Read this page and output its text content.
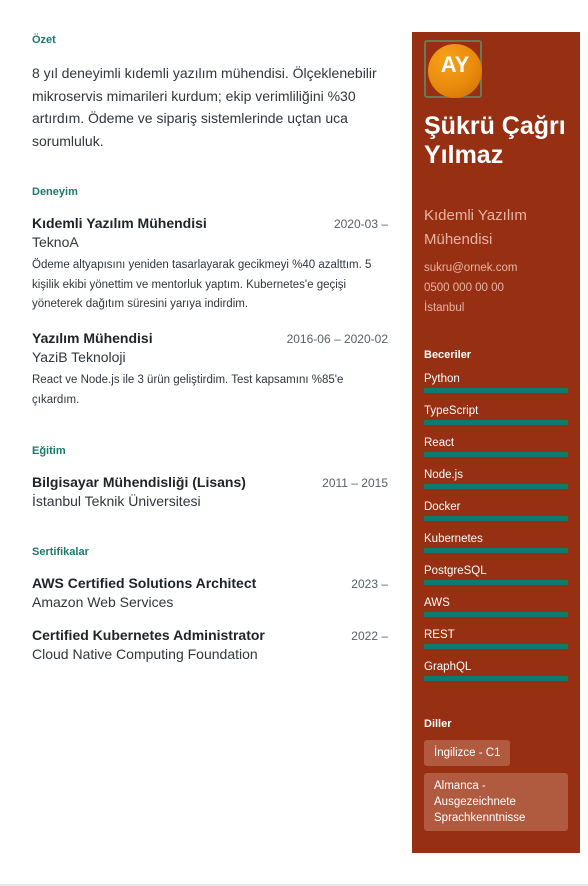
Özet
8 yıl deneyimli kıdemli yazılım mühendisi. Ölçeklenebilir mikroservis mimarileri kurdum; ekip verimliliğini %30 artırdım. Ödeme ve sipariş sistemlerinde uçtan uca sorumluluk.
Deneyim
Kıdemli Yazılım Mühendisi	2020-03 –
TeknoA
Ödeme altyapısını yeniden tasarlayarak gecikmeyi %40 azalttım. 5 kişilik ekibi yönettim ve mentorluk yaptım. Kubernetes'e geçişi yöneterek dağıtım süresini yarıya indirdim.
Yazılım Mühendisi	2016-06 – 2020-02
YaziB Teknoloji
React ve Node.js ile 3 ürün geliştirdim. Test kapsamını %85'e çıkardım.
Eğitim
Bilgisayar Mühendisliği (Lisans)	2011 – 2015
İstanbul Teknik Üniversitesi
Sertifikalar
AWS Certified Solutions Architect	2023 –
Amazon Web Services
Certified Kubernetes Administrator	2022 –
Cloud Native Computing Foundation
AY
Şükrü Çağrı Yılmaz
Kıdemli Yazılım Mühendisi
sukru@ornek.com
0500 000 00 00
İstanbul
Beceriler
Python
TypeScript
React
Node.js
Docker
Kubernetes
PostgreSQL
AWS
REST
GraphQL
Diller
İngilizce - C1
Almanca - Ausgezeichnete Sprachkenntnisse
